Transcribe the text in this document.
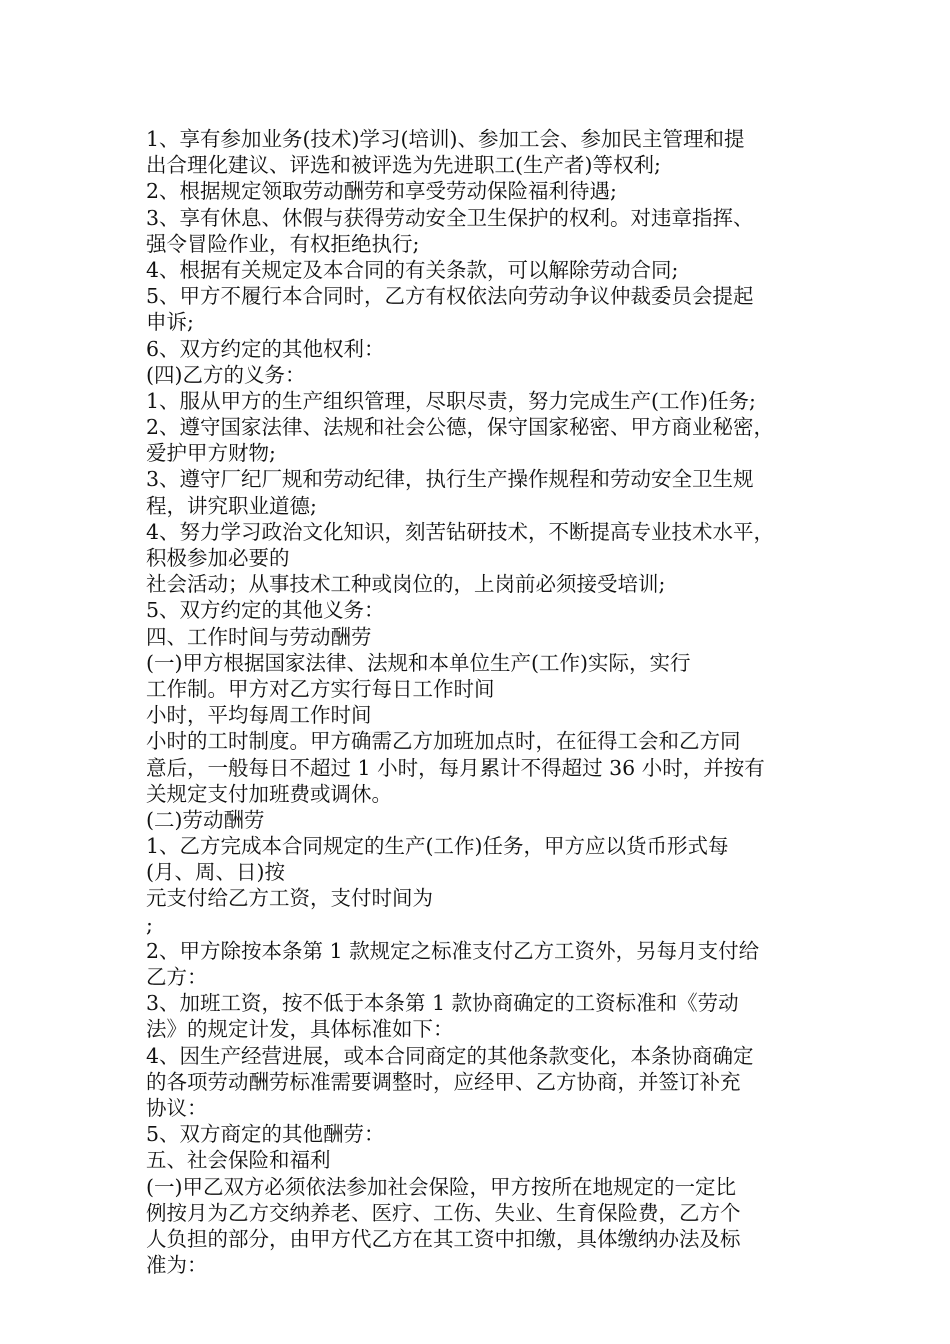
1、享有参加业务(技术)学习(培训)、参加工会、参加民主管理和提
出合理化建议、评选和被评选为先进职工(生产者)等权利;
2、根据规定领取劳动酬劳和享受劳动保险福利待遇;
3、享有休息、休假与获得劳动安全卫生保护的权利。对违章指挥、
强令冒险作业，有权拒绝执行;
4、根据有关规定及本合同的有关条款，可以解除劳动合同;
5、甲方不履行本合同时，乙方有权依法向劳动争议仲裁委员会提起
申诉;
6、双方约定的其他权利：
(四)乙方的义务：
1、服从甲方的生产组织管理，尽职尽责，努力完成生产(工作)任务;
2、遵守国家法律、法规和社会公德，保守国家秘密、甲方商业秘密，
爱护甲方财物;
3、遵守厂纪厂规和劳动纪律，执行生产操作规程和劳动安全卫生规
程，讲究职业道德;
4、努力学习政治文化知识，刻苦钻研技术，不断提高专业技术水平，
积极参加必要的
社会活动；从事技术工种或岗位的，上岗前必须接受培训;
5、双方约定的其他义务：
四、工作时间与劳动酬劳
(一)甲方根据国家法律、法规和本单位生产(工作)实际，实行
工作制。甲方对乙方实行每日工作时间
小时，平均每周工作时间
小时的工时制度。甲方确需乙方加班加点时，在征得工会和乙方同
意后，一般每日不超过 1 小时，每月累计不得超过 36 小时，并按有
关规定支付加班费或调休。
(二)劳动酬劳
1、乙方完成本合同规定的生产(工作)任务，甲方应以货币形式每
(月、周、日)按
元支付给乙方工资，支付时间为
;
2、甲方除按本条第 1 款规定之标准支付乙方工资外，另每月支付给
乙方：
3、加班工资，按不低于本条第 1 款协商确定的工资标准和《劳动
法》的规定计发，具体标准如下：
4、因生产经营进展，或本合同商定的其他条款变化，本条协商确定
的各项劳动酬劳标准需要调整时，应经甲、乙方协商，并签订补充
协议：
5、双方商定的其他酬劳：
五、社会保险和福利
(一)甲乙双方必须依法参加社会保险，甲方按所在地规定的一定比
例按月为乙方交纳养老、医疗、工伤、失业、生育保险费，乙方个
人负担的部分，由甲方代乙方在其工资中扣缴，具体缴纳办法及标
准为：
